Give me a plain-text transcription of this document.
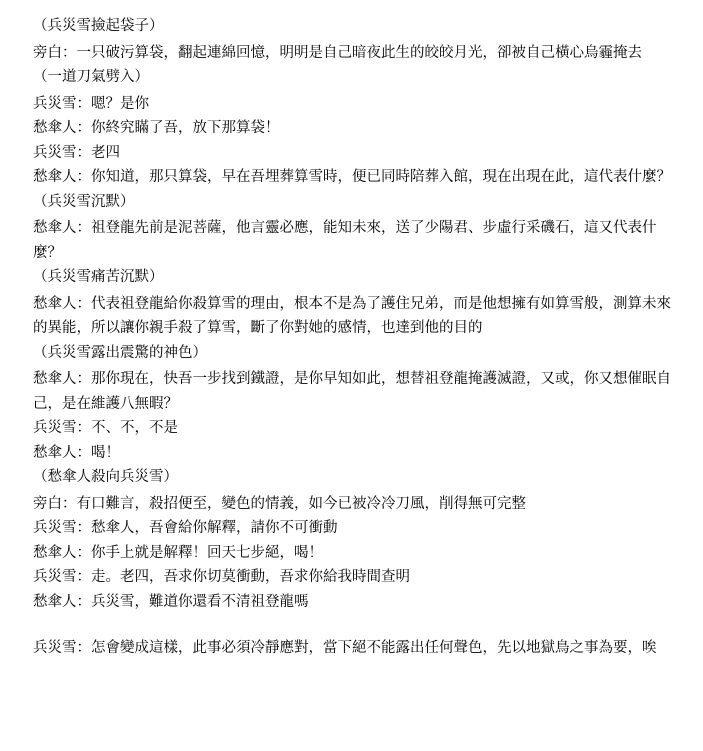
（兵災雪撿起袋子）

旁白：一只破污算袋，翻起連綿回憶，明明是自己暗夜此生的皎皎月光，卻被自己橫心烏霾掩去

（一道刀氣劈入）

兵災雪：嗯？是你

愁傘人：你終究瞞了吾，放下那算袋！

兵災雪：老四

愁傘人：你知道，那只算袋，早在吾埋葬算雪時，便已同時陪葬入館，現在出現在此，這代表什麼？

（兵災雪沉默）

愁傘人：祖登龍先前是泥菩薩，他言靈必應，能知未來，送了少陽君、步虛行采磯石，這又代表什麼？

（兵災雪痛苦沉默）

愁傘人：代表祖登龍給你殺算雪的理由，根本不是為了護住兄弟，而是他想擁有如算雪般，測算未來的異能，所以讓你親手殺了算雪，斷了你對她的感情，也達到他的目的

（兵災雪露出震驚的神色）

愁傘人：那你現在，快吾一步找到鐵證，是你早知如此，想替祖登龍掩護滅證，又或，你又想催眠自己，是在維護八無暇？

兵災雪：不、不，不是

愁傘人：喝！

（愁傘人殺向兵災雪）

旁白：有口難言，殺招便至，變色的情義，如今已被冷冷刀風，削得無可完整

兵災雪：愁傘人，吾會給你解釋，請你不可衝動

愁傘人：你手上就是解釋！回天七步絕，喝！

兵災雪：走。老四，吾求你切莫衝動，吾求你給我時間查明

愁傘人：兵災雪，難道你還看不清祖登龍嗎

兵災雪：怎會變成這樣，此事必須冷靜應對，當下絕不能露出任何聲色，先以地獄鳥之事為要，唉
